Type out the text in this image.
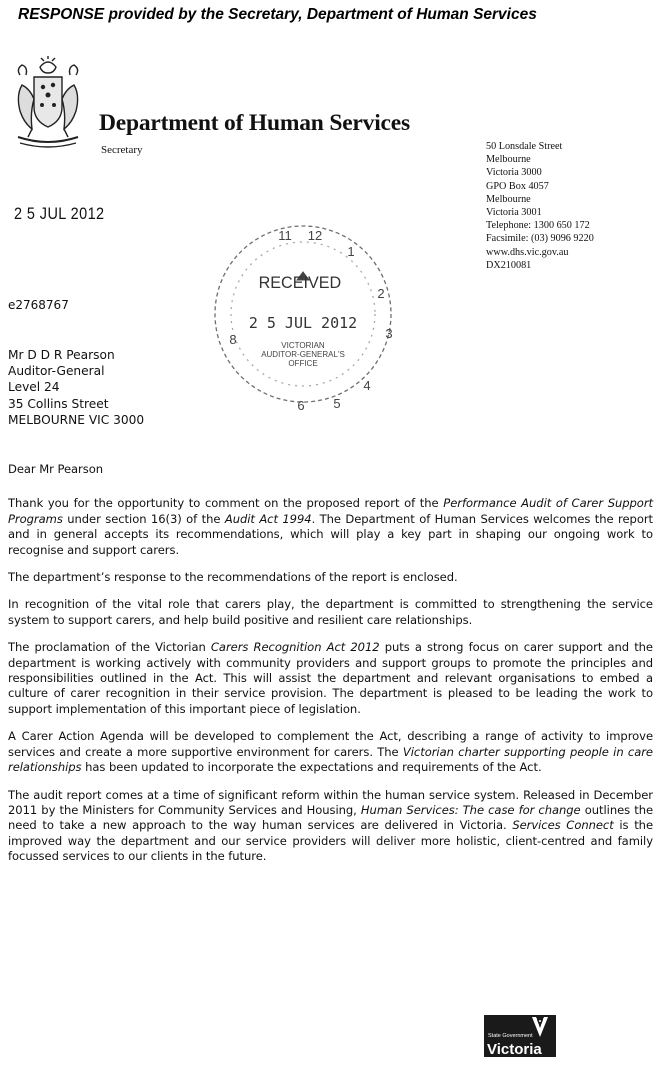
RESPONSE provided by the Secretary, Department of Human Services
Department of Human Services
Secretary	50 Lonsdale Street
Melbourne
Victoria 3000
GPO Box 4057
Melbourne
Victoria 3001
Telephone: 1300 650 172
Facsimile: (03) 9096 9220
www.dhs.vic.gov.au
DX210081
2 5 JUL 2012
RECEIVED
2 5 JUL 2012
VICTORIAN
AUDITOR-GENERAL'S
OFFICE
11 12
1
2
3
4
5
6
8
e2768767
Mr D D R Pearson
Auditor-General
Level 24
35 Collins Street
MELBOURNE VIC 3000

Dear Mr Pearson

Thank you for the opportunity to comment on the proposed report of the Performance Audit of Carer Support Programs under section 16(3) of the Audit Act 1994. The Department of Human Services welcomes the report and in general accepts its recommendations, which will play a key part in shaping our ongoing work to recognise and support carers.

The department’s response to the recommendations of the report is enclosed.

In recognition of the vital role that carers play, the department is committed to strengthening the service system to support carers, and help build positive and resilient care relationships.

The proclamation of the Victorian Carers Recognition Act 2012 puts a strong focus on carer support and the department is working actively with community providers and support groups to promote the principles and responsibilities outlined in the Act. This will assist the department and relevant organisations to embed a culture of carer recognition in their service provision. The department is pleased to be leading the work to support implementation of this important piece of legislation.

A Carer Action Agenda will be developed to complement the Act, describing a range of activity to improve services and create a more supportive environment for carers. The Victorian charter supporting people in care relationships has been updated to incorporate the expectations and requirements of the Act.

The audit report comes at a time of significant reform within the human service system. Released in December 2011 by the Ministers for Community Services and Housing, Human Services: The case for change outlines the need to take a new approach to the way human services are delivered in Victoria. Services Connect is the improved way the department and our service providers will deliver more holistic, client-centred and family focussed services to our clients in the future.

State Government
Victoria
